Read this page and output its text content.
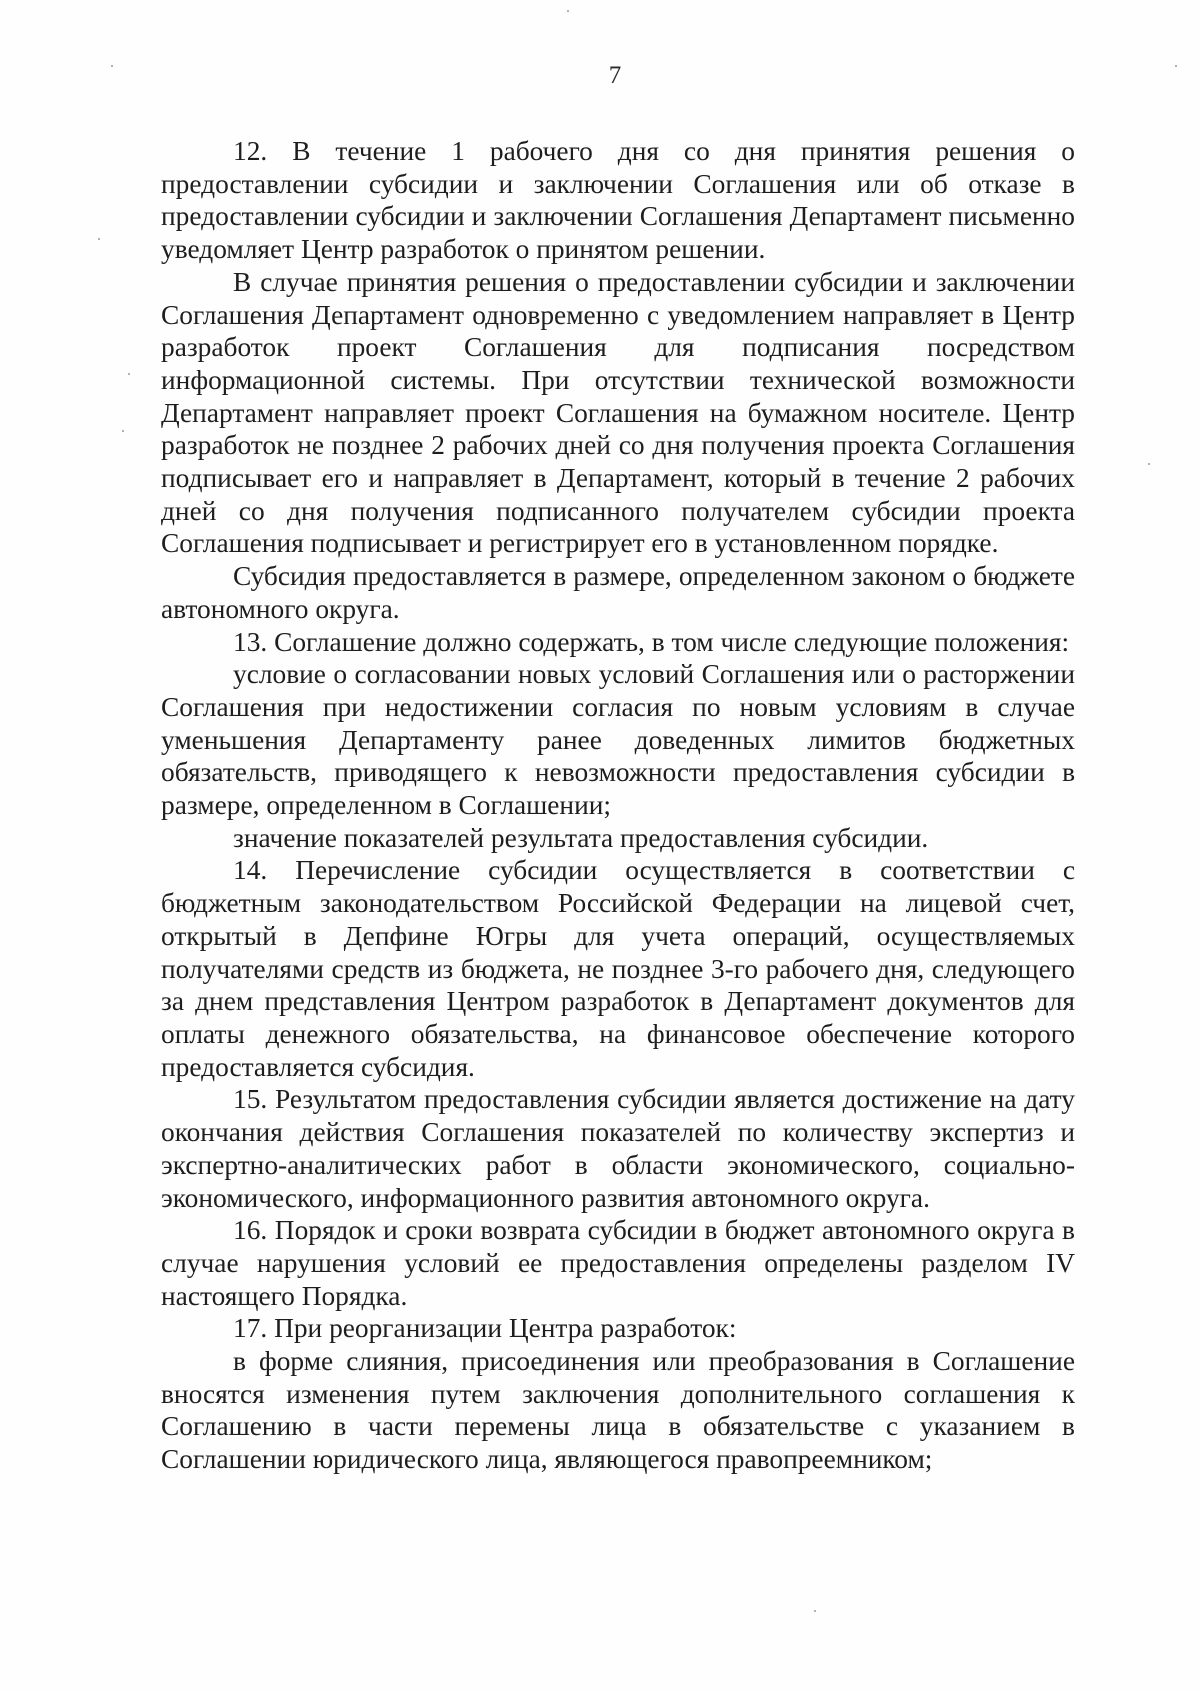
7

12. В течение 1 рабочего дня со дня принятия решения о предоставлении субсидии и заключении Соглашения или об отказе в предоставлении субсидии и заключении Соглашения Департамент письменно уведомляет Центр разработок о принятом решении.

В случае принятия решения о предоставлении субсидии и заключении Соглашения Департамент одновременно с уведомлением направляет в Центр разработок проект Соглашения для подписания посредством информационной системы. При отсутствии технической возможности Департамент направляет проект Соглашения на бумажном носителе. Центр разработок не позднее 2 рабочих дней со дня получения проекта Соглашения подписывает его и направляет в Департамент, который в течение 2 рабочих дней со дня получения подписанного получателем субсидии проекта Соглашения подписывает и регистрирует его в установленном порядке.

Субсидия предоставляется в размере, определенном законом о бюджете автономного округа.

13. Соглашение должно содержать, в том числе следующие положения:

условие о согласовании новых условий Соглашения или о расторжении Соглашения при недостижении согласия по новым условиям в случае уменьшения Департаменту ранее доведенных лимитов бюджетных обязательств, приводящего к невозможности предоставления субсидии в размере, определенном в Соглашении;

значение показателей результата предоставления субсидии.

14. Перечисление субсидии осуществляется в соответствии с бюджетным законодательством Российской Федерации на лицевой счет, открытый в Депфине Югры для учета операций, осуществляемых получателями средств из бюджета, не позднее 3-го рабочего дня, следующего за днем представления Центром разработок в Департамент документов для оплаты денежного обязательства, на финансовое обеспечение которого предоставляется субсидия.

15. Результатом предоставления субсидии является достижение на дату окончания действия Соглашения показателей по количеству экспертиз и экспертно-аналитических работ в области экономического, социально-экономического, информационного развития автономного округа.

16. Порядок и сроки возврата субсидии в бюджет автономного округа в случае нарушения условий ее предоставления определены разделом IV настоящего Порядка.

17. При реорганизации Центра разработок:

в форме слияния, присоединения или преобразования в Соглашение вносятся изменения путем заключения дополнительного соглашения к Соглашению в части перемены лица в обязательстве с указанием в Соглашении юридического лица, являющегося правопреемником;
